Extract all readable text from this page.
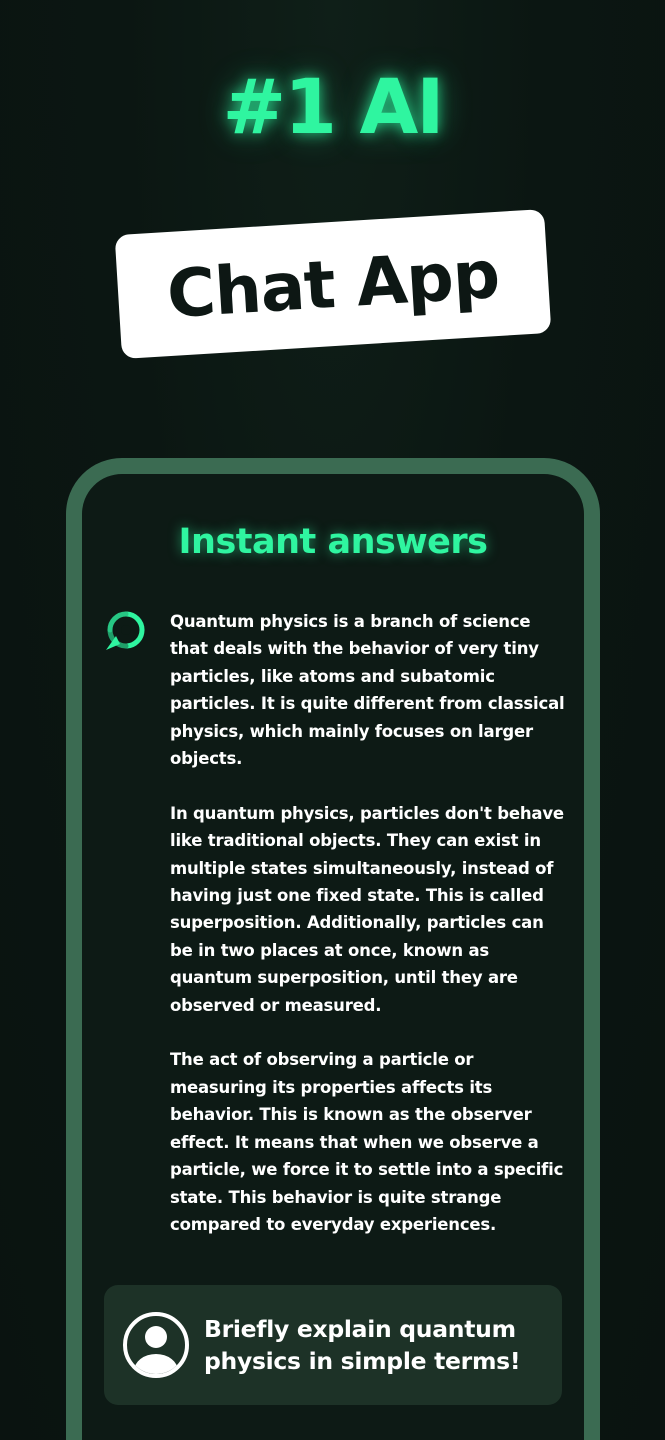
#1 AI
Chat App
Instant answers

Quantum physics is a branch of science that deals with the behavior of very tiny particles, like atoms and subatomic particles. It is quite different from classical physics, which mainly focuses on larger objects.

In quantum physics, particles don't behave like traditional objects. They can exist in multiple states simultaneously, instead of having just one fixed state. This is called superposition. Additionally, particles can be in two places at once, known as quantum superposition, until they are observed or measured.

The act of observing a particle or measuring its properties affects its behavior. This is known as the observer effect. It means that when we observe a particle, we force it to settle into a specific state. This behavior is quite strange compared to everyday experiences.

Briefly explain quantum physics in simple terms!
